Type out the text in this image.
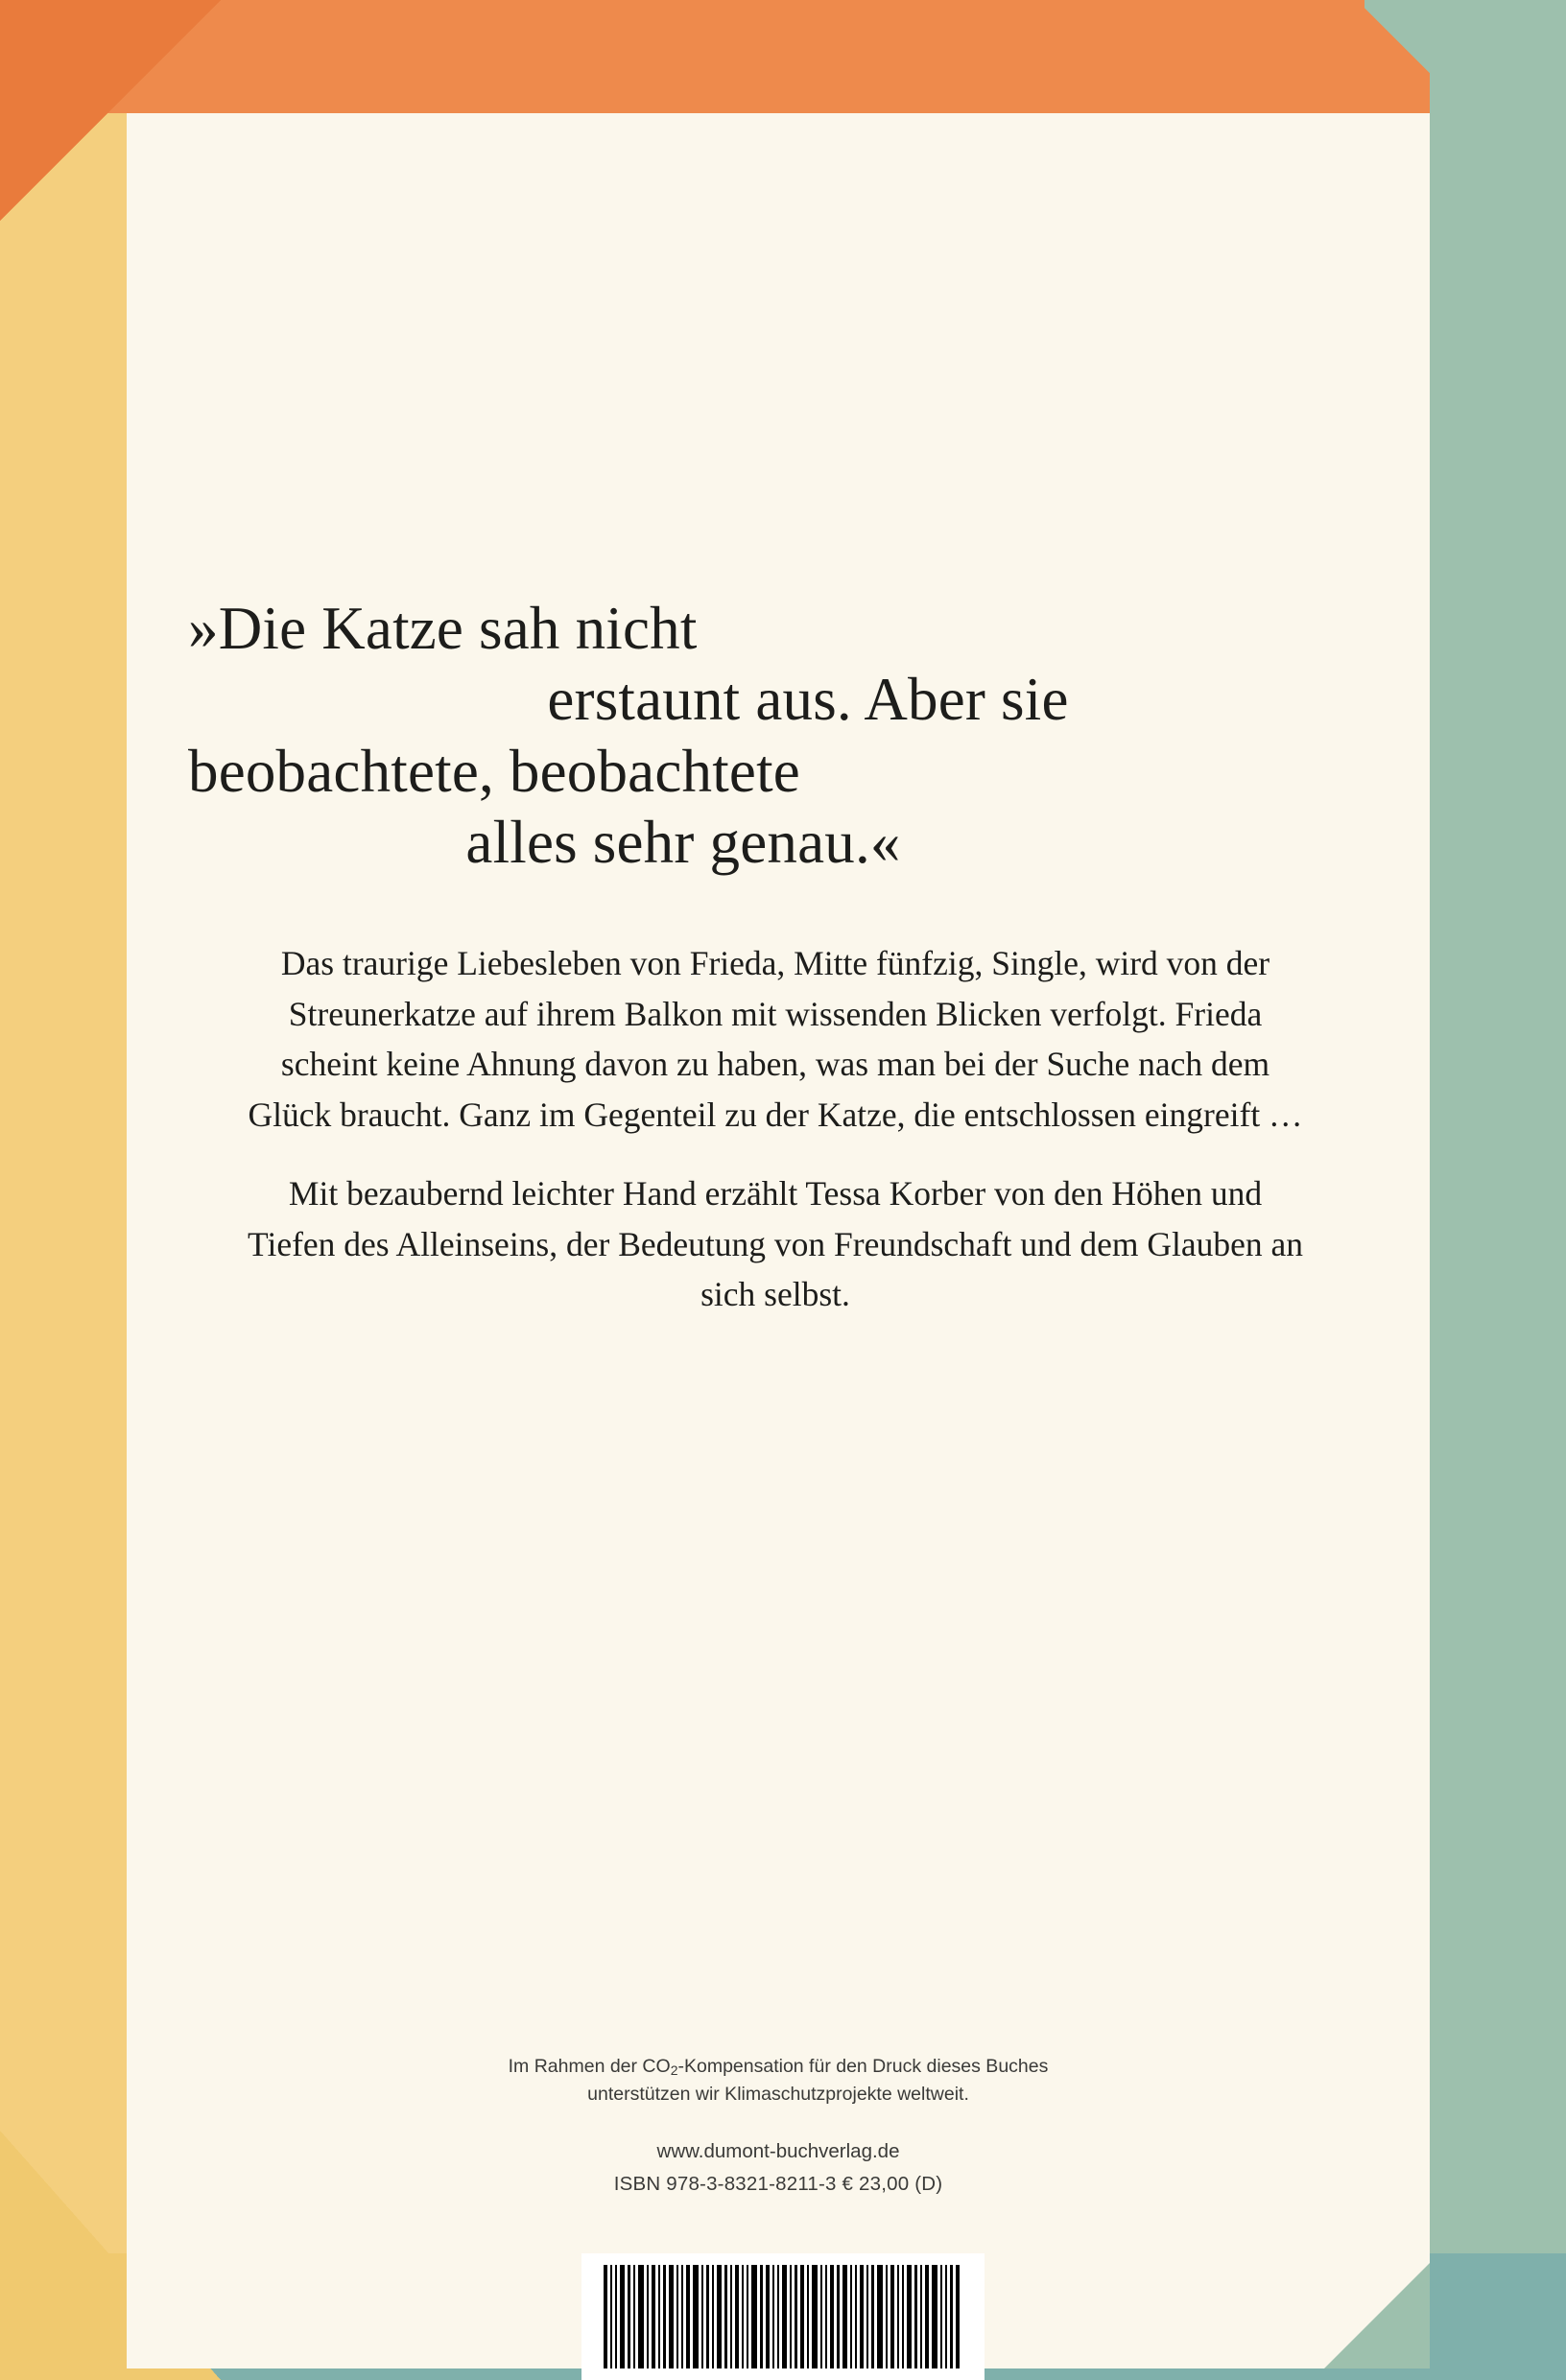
»Die Katze sah nicht
erstaunt aus. Aber sie
beobachtete, beobachtete
alles sehr genau.«

Das traurige Liebesleben von Frieda, Mitte fünfzig, Single, wird von der Streunerkatze auf ihrem Balkon mit wissenden Blicken verfolgt. Frieda scheint keine Ahnung davon zu haben, was man bei der Suche nach dem Glück braucht. Ganz im Gegenteil zu der Katze, die entschlossen eingreift …

Mit bezaubernd leichter Hand erzählt Tessa Korber von den Höhen und Tiefen des Alleinseins, der Bedeutung von Freundschaft und dem Glauben an sich selbst.

Im Rahmen der $CO_2$-Kompensation für den Druck dieses Buches
unterstützen wir Klimaschutzprojekte weltweit.
www.dumont-buchverlag.de
ISBN 978-3-8321-8211-3 € 23,00 (D)
